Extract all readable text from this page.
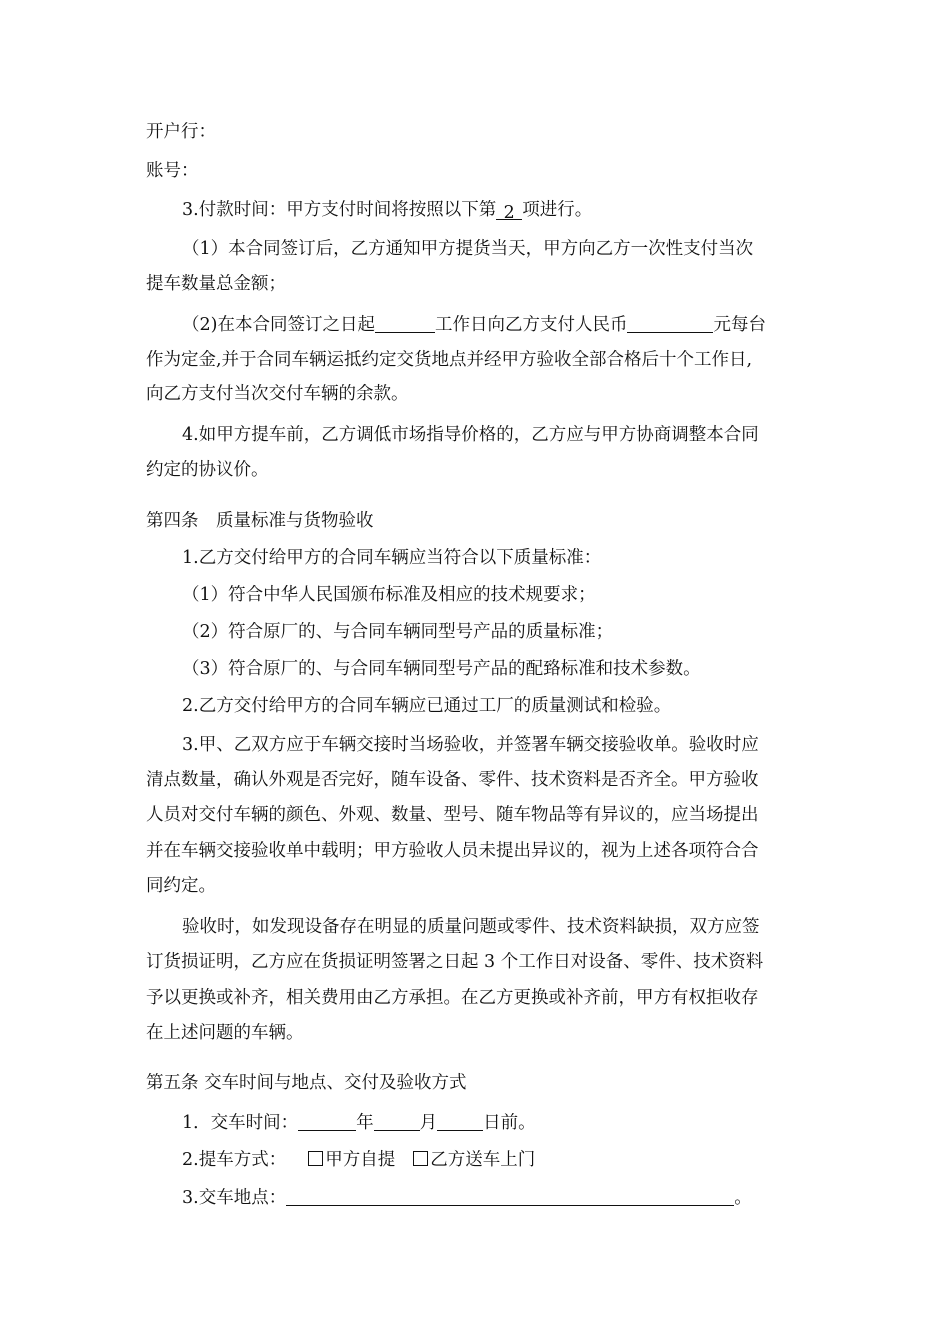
开户行：
账号：
3.付款时间：甲方支付时间将按照以下第 2 项进行。
（1）本合同签订后，乙方通知甲方提货当天，甲方向乙方一次性支付当次
提车数量总金额；
（2)在本合同签订之日起	工作日向乙方支付人民币	元每台
作为定金,并于合同车辆运抵约定交货地点并经甲方验收全部合格后十个工作日,
向乙方支付当次交付车辆的余款。
4.如甲方提车前，乙方调低市场指导价格的，乙方应与甲方协商调整本合同
约定的协议价。
第四条　质量标准与货物验收
1.乙方交付给甲方的合同车辆应当符合以下质量标准：
（1）符合中华人民国颁布标准及相应的技术规要求；
（2）符合原厂的、与合同车辆同型号产品的质量标准；
（3）符合原厂的、与合同车辆同型号产品的配臵标准和技术参数。
2.乙方交付给甲方的合同车辆应已通过工厂的质量测试和检验。
3.甲、乙双方应于车辆交接时当场验收，并签署车辆交接验收单。验收时应
清点数量，确认外观是否完好，随车设备、零件、技术资料是否齐全。甲方验收
人员对交付车辆的颜色、外观、数量、型号、随车物品等有异议的，应当场提出
并在车辆交接验收单中载明；甲方验收人员未提出异议的，视为上述各项符合合
同约定。
验收时，如发现设备存在明显的质量问题或零件、技术资料缺损，双方应签
订货损证明，乙方应在货损证明签署之日起 3 个工作日对设备、零件、技术资料
予以更换或补齐，相关费用由乙方承担。在乙方更换或补齐前，甲方有权拒收存
在上述问题的车辆。
第五条 交车时间与地点、交付及验收方式
1．交车时间：	年	月	日前。
2.提车方式： 甲方自提 乙方送车上门
3.交车地点：	。
